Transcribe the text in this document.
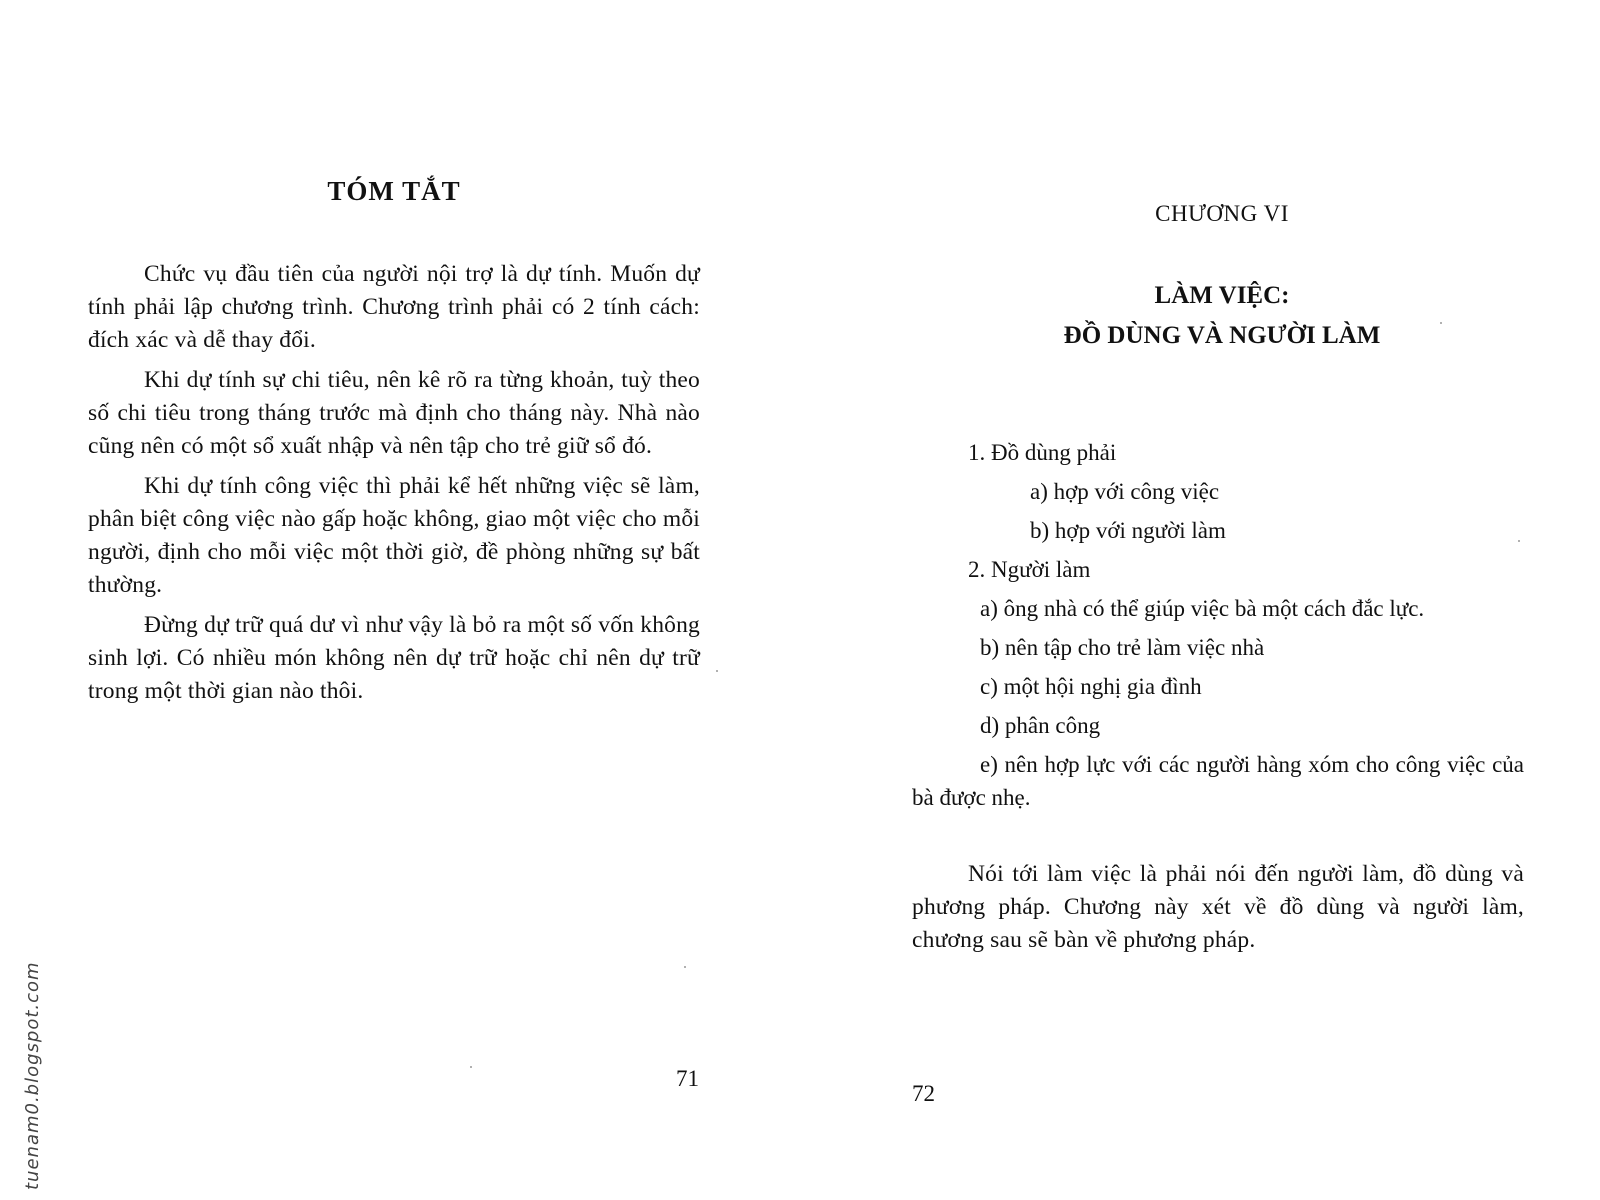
TÓM TẮT

Chức vụ đầu tiên của người nội trợ là dự tính. Muốn dự tính phải lập chương trình. Chương trình phải có 2 tính cách: đích xác và dễ thay đổi.

Khi dự tính sự chi tiêu, nên kê rõ ra từng khoản, tuỳ theo số chi tiêu trong tháng trước mà định cho tháng này. Nhà nào cũng nên có một sổ xuất nhập và nên tập cho trẻ giữ sổ đó.

Khi dự tính công việc thì phải kể hết những việc sẽ làm, phân biệt công việc nào gấp hoặc không, giao một việc cho mỗi người, định cho mỗi việc một thời giờ, đề phòng những sự bất thường.

Đừng dự trữ quá dư vì như vậy là bỏ ra một số vốn không sinh lợi. Có nhiều món không nên dự trữ hoặc chỉ nên dự trữ trong một thời gian nào thôi.

71

CHƯƠNG VI

LÀM VIỆC:
ĐỒ DÙNG VÀ NGƯỜI LÀM

1. Đồ dùng phải

a) hợp với công việc

b) hợp với người làm

2. Người làm

a) ông nhà có thể giúp việc bà một cách đắc lực.

b) nên tập cho trẻ làm việc nhà

c) một hội nghị gia đình

d) phân công

e) nên hợp lực với các người hàng xóm cho công việc của bà được nhẹ.

Nói tới làm việc là phải nói đến người làm, đồ dùng và phương pháp. Chương này xét về đồ dùng và người làm, chương sau sẽ bàn về phương pháp.

72

tuenam0.blogspot.com
